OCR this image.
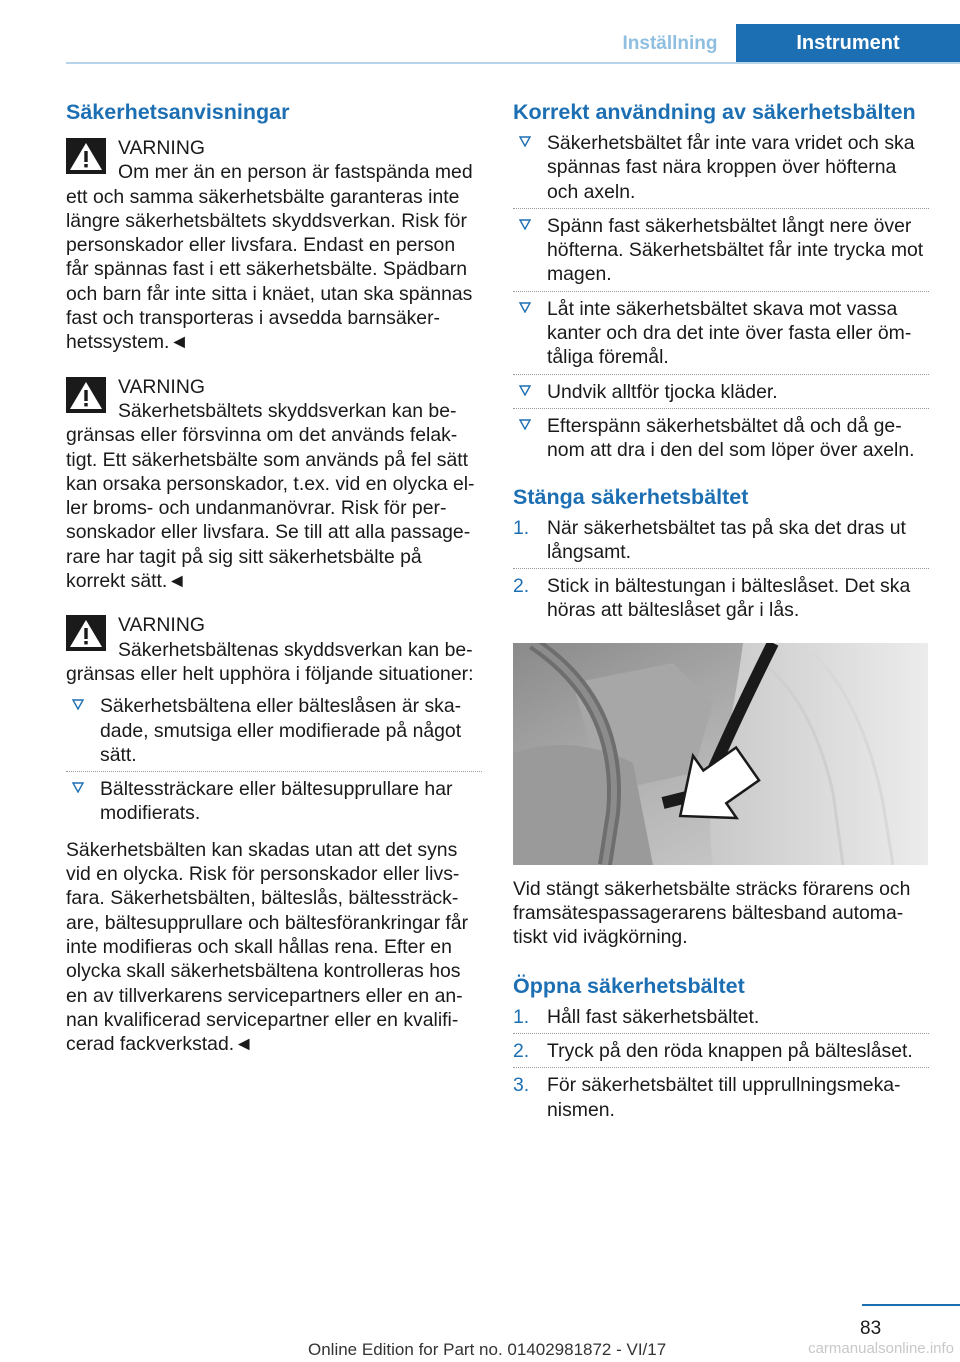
Inställning	Instrument
Säkerhetsanvisningar
VARNING
Om mer än en person är fastspända med ett och samma säkerhetsbälte garanteras inte längre säkerhetsbältets skyddsverkan. Risk för personskador eller livsfara. Endast en person får spännas fast i ett säkerhetsbälte. Spädbarn och barn får inte sitta i knäet, utan ska spännas fast och transporteras i avsedda barnsäkerhetssystem.◄
VARNING
Säkerhetsbältets skyddsverkan kan begränsas eller försvinna om det används felaktigt. Ett säkerhetsbälte som används på fel sätt kan orsaka personskador, t.ex. vid en olycka eller broms- och undanmanövrar. Risk för personskador eller livsfara. Se till att alla passagerare har tagit på sig sitt säkerhetsbälte på korrekt sätt.◄
VARNING
Säkerhetsbältenas skyddsverkan kan begränsas eller helt upphöra i följande situationer:
Säkerhetsbältena eller bälteslåsen är skadade, smutsiga eller modifierade på något sätt.
Bältessträckare eller bältesupprullare har modifierats.

Säkerhetsbälten kan skadas utan att det syns vid en olycka. Risk för personskador eller livsfara. Säkerhetsbälten, bälteslås, bältessträckare, bältesupprullare och bältesförankringar får inte modifieras och skall hållas rena. Efter en olycka skall säkerhetsbältena kontrolleras hos en av tillverkarens servicepartners eller en annan kvalificerad servicepartner eller en kvalificerad fackverkstad.◄

Korrekt användning av säkerhetsbälten
Säkerhetsbältet får inte vara vridet och ska spännas fast nära kroppen över höfterna och axeln.
Spänn fast säkerhetsbältet långt nere över höfterna. Säkerhetsbältet får inte trycka mot magen.
Låt inte säkerhetsbältet skava mot vassa kanter och dra det inte över fasta eller ömtåliga föremål.
Undvik alltför tjocka kläder.
Efterspänn säkerhetsbältet då och då genom att dra i den del som löper över axeln.
Stänga säkerhetsbältet
1. När säkerhetsbältet tas på ska det dras ut långsamt.
2. Stick in bältestungan i bälteslåset. Det ska höras att bälteslåset går i lås.

Vid stängt säkerhetsbälte sträcks förarens och framsätespassagerarens bältesband automatiskt vid ivägkörning.

Öppna säkerhetsbältet
1. Håll fast säkerhetsbältet.
2. Tryck på den röda knappen på bälteslåset.
3. För säkerhetsbältet till upprullningsmekanismen.
83
Online Edition for Part no. 01402981872 - VI/17	carmanualsonline.info
